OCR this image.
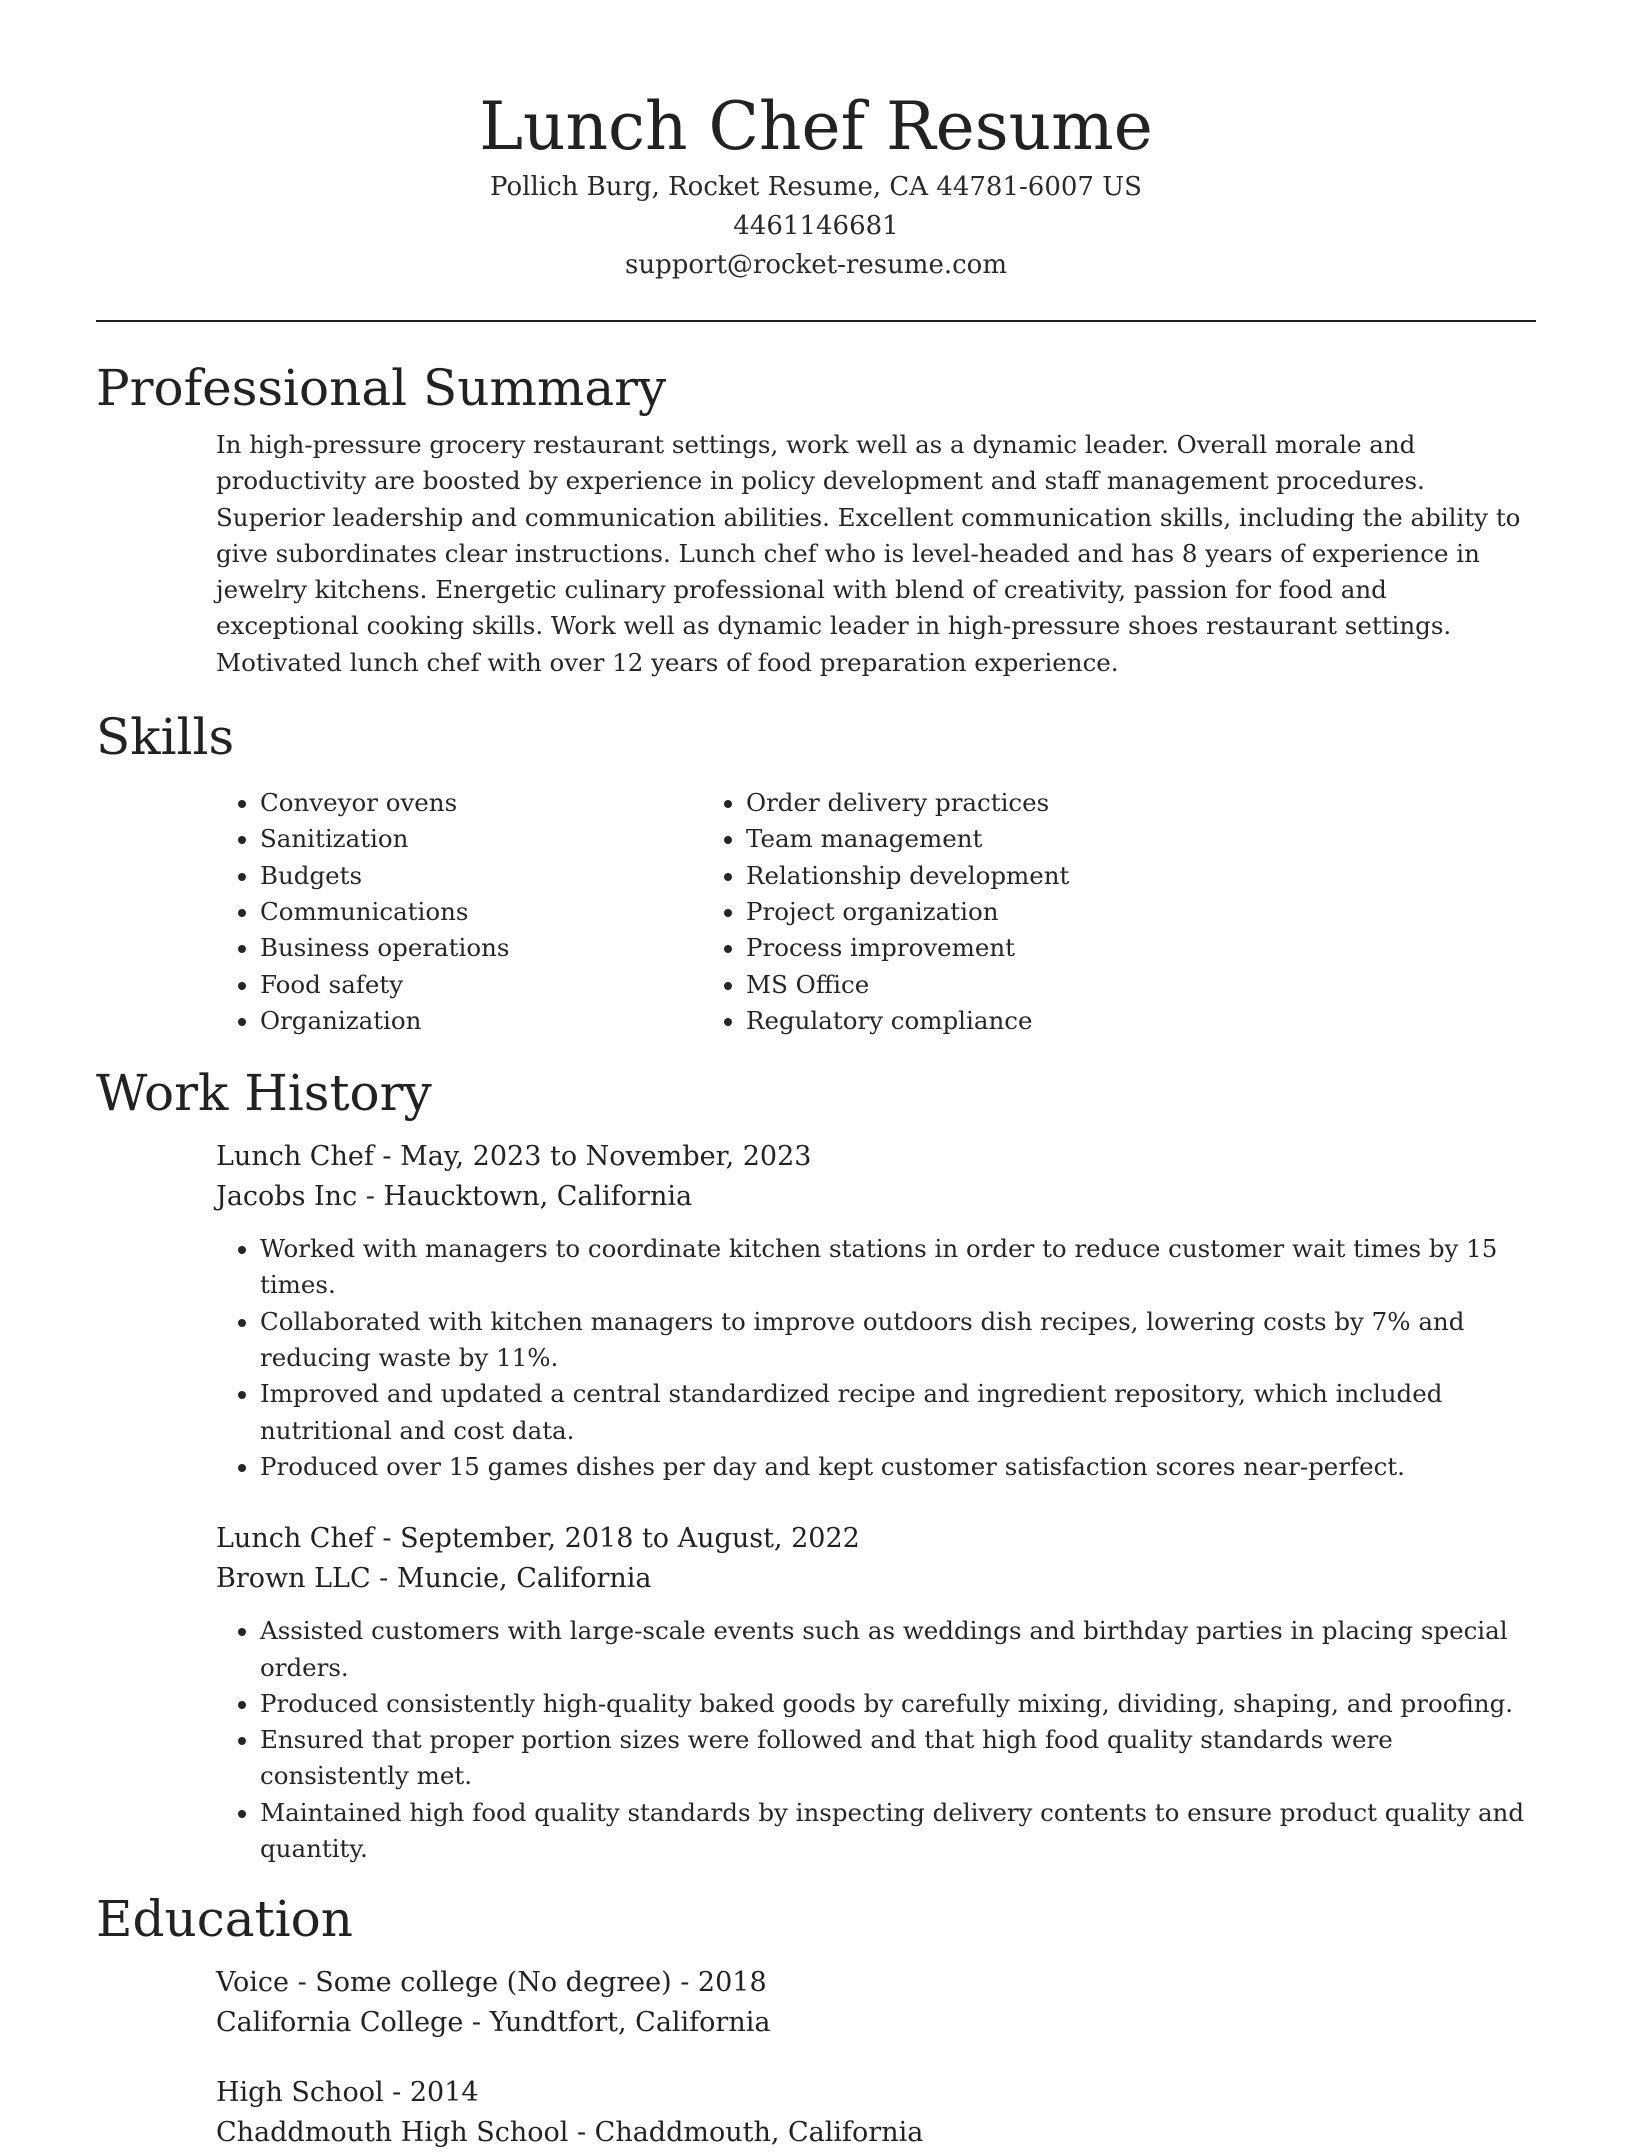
Lunch Chef Resume
Pollich Burg, Rocket Resume, CA 44781-6007 US
4461146681
support@rocket-resume.com
Professional Summary

In high-pressure grocery restaurant settings, work well as a dynamic leader. Overall morale and productivity are boosted by experience in policy development and staff management procedures. Superior leadership and communication abilities. Excellent communication skills, including the ability to give subordinates clear instructions. Lunch chef who is level-headed and has 8 years of experience in jewelry kitchens. Energetic culinary professional with blend of creativity, passion for food and exceptional cooking skills. Work well as dynamic leader in high-pressure shoes restaurant settings. Motivated lunch chef with over 12 years of food preparation experience.

Skills
• Conveyor ovens
• Sanitization
• Budgets
• Communications
• Business operations
• Food safety
• Organization
• Order delivery practices
• Team management
• Relationship development
• Project organization
• Process improvement
• MS Office
• Regulatory compliance
Work History
Lunch Chef - May, 2023 to November, 2023
Jacobs Inc - Haucktown, California
• Worked with managers to coordinate kitchen stations in order to reduce customer wait times by 15 times.
• Collaborated with kitchen managers to improve outdoors dish recipes, lowering costs by 7% and reducing waste by 11%.
• Improved and updated a central standardized recipe and ingredient repository, which included nutritional and cost data.
• Produced over 15 games dishes per day and kept customer satisfaction scores near-perfect.
Lunch Chef - September, 2018 to August, 2022
Brown LLC - Muncie, California
• Assisted customers with large-scale events such as weddings and birthday parties in placing special orders.
• Produced consistently high-quality baked goods by carefully mixing, dividing, shaping, and proofing.
• Ensured that proper portion sizes were followed and that high food quality standards were consistently met.
• Maintained high food quality standards by inspecting delivery contents to ensure product quality and quantity.
Education
Voice - Some college (No degree) - 2018
California College - Yundtfort, California
High School - 2014
Chaddmouth High School - Chaddmouth, California
